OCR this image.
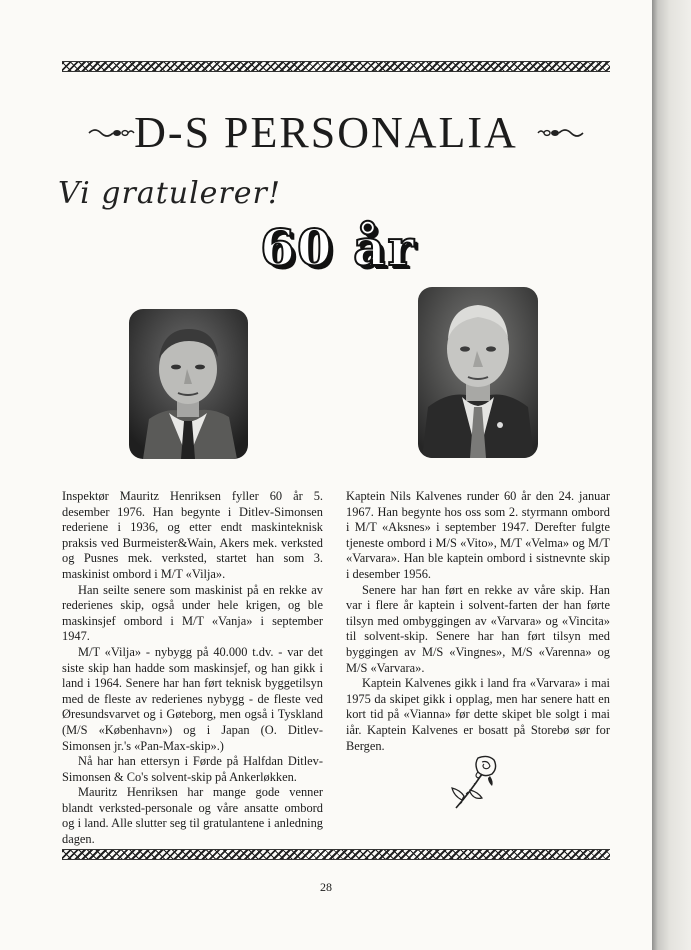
D-S PERSONALIA
Vi gratulerer!
60 år

Inspektør Mauritz Henriksen fyller 60 år 5. desember 1976. Han begynte i Ditlev-Simonsen rederiene i 1936, og etter endt maskinteknisk praksis ved Burmeister&Wain, Akers mek. verksted og Pusnes mek. verksted, startet han som 3. maskinist ombord i M/T «Vilja».

Han seilte senere som maskinist på en rekke av rederienes skip, også under hele krigen, og ble maskinsjef ombord i M/T «Vanja» i september 1947.

M/T «Vilja» - nybygg på 40.000 t.dv. - var det siste skip han hadde som maskinsjef, og han gikk i land i 1964. Senere har han ført teknisk byggetilsyn med de fleste av rederienes nybygg - de fleste ved Øresundsvarvet og i Gøteborg, men også i Tyskland (M/S «København») og i Japan (O. Ditlev-Simonsen jr.'s «Pan-Max-skip».)

Nå har han ettersyn i Førde på Halfdan Ditlev-Simonsen & Co's solvent-skip på Ankerløkken.

Mauritz Henriksen har mange gode venner blandt verksted-personale og våre ansatte ombord og i land. Alle slutter seg til gratulantene i anledning dagen.

Kaptein Nils Kalvenes runder 60 år den 24. januar 1967. Han begynte hos oss som 2. styrmann ombord i M/T «Aksnes» i september 1947. Derefter fulgte tjeneste ombord i M/S «Vito», M/T «Velma» og M/T «Varvara». Han ble kaptein ombord i sistnevnte skip i desember 1956.

Senere har han ført en rekke av våre skip. Han var i flere år kaptein i solvent-farten der han førte tilsyn med ombyggingen av «Varvara» og «Vincita» til solvent-skip. Senere har han ført tilsyn med byggingen av M/S «Vingnes», M/S «Varenna» og M/S «Varvara».

Kaptein Kalvenes gikk i land fra «Varvara» i mai 1975 da skipet gikk i opplag, men har senere hatt en kort tid på «Vianna» før dette skipet ble solgt i mai iår. Kaptein Kalvenes er bosatt på Storebø sør for Bergen.

28
